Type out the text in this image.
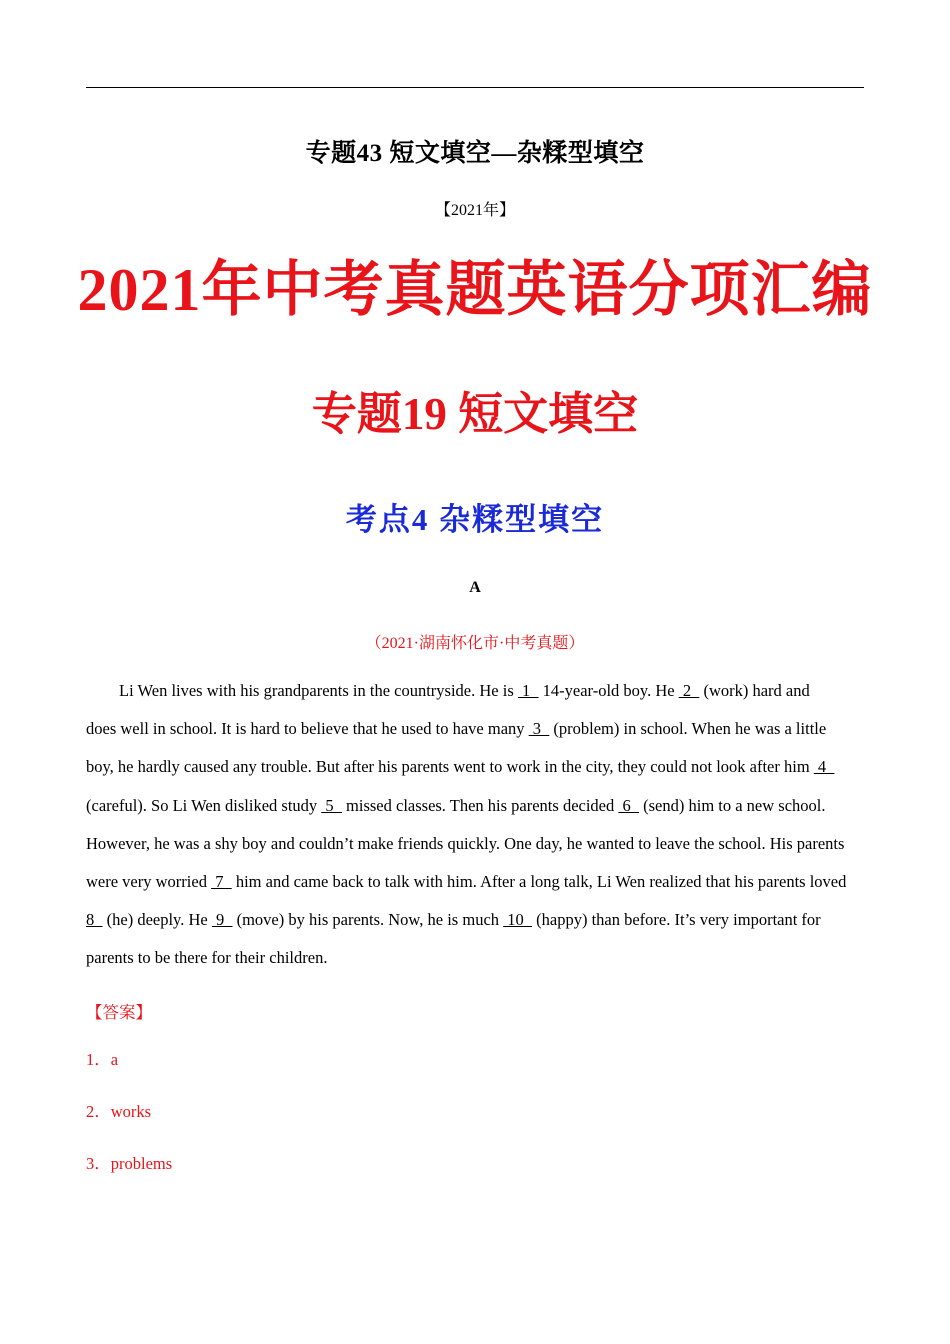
专题43 短文填空—杂糅型填空
【2021年】
2021年中考真题英语分项汇编
专题19 短文填空
考点4 杂糅型填空
A
（2021·湖南怀化市·中考真题）
Li Wen lives with his grandparents in the countryside. He is  1   14-year-old boy. He  2   (work) hard and
does well in school. It is hard to believe that he used to have many  3   (problem) in school. When he was a little
boy, he hardly caused any trouble. But after his parents went to work in the city, they could not look after him  4
(careful). So Li Wen disliked study  5   missed classes. Then his parents decided  6   (send) him to a new school.
However, he was a shy boy and couldn’t make friends quickly. One day, he wanted to leave the school. His parents
were very worried  7   him and came back to talk with him. After a long talk, Li Wen realized that his parents loved
8   (he) deeply. He  9   (move) by his parents. Now, he is much  10   (happy) than before. It’s very important for
parents to be there for their children.
【答案】
1．a
2．works
3．problems
